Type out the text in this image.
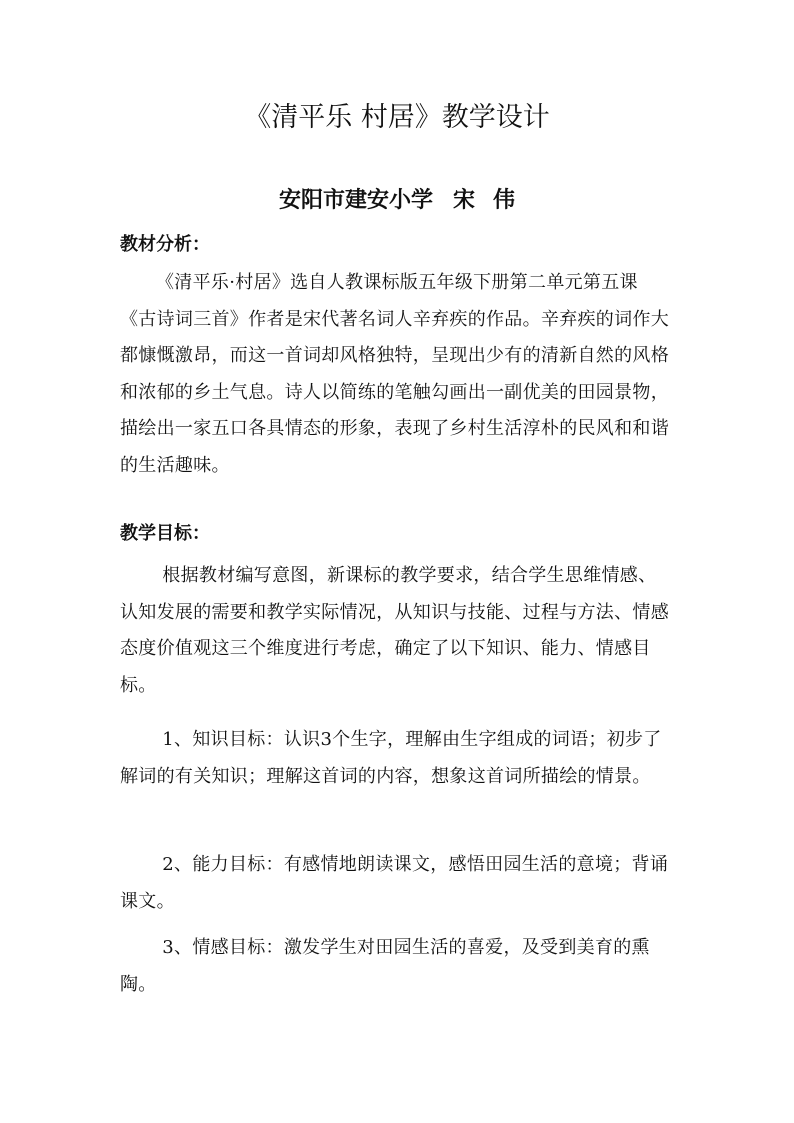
《清平乐 村居》教学设计
安阳市建安小学 宋 伟
教材分析：

《清平乐·村居》选自人教课标版五年级下册第二单元第五课《古诗词三首》作者是宋代著名词人辛弃疾的作品。辛弃疾的词作大都慷慨激昂，而这一首词却风格独特，呈现出少有的清新自然的风格和浓郁的乡土气息。诗人以简练的笔触勾画出一副优美的田园景物，描绘出一家五口各具情态的形象，表现了乡村生活淳朴的民风和和谐的生活趣味。

教学目标：

根据教材编写意图，新课标的教学要求，结合学生思维情感、认知发展的需要和教学实际情况，从知识与技能、过程与方法、情感态度价值观这三个维度进行考虑，确定了以下知识、能力、情感目标。

1、知识目标：认识3个生字，理解由生字组成的词语；初步了解词的有关知识；理解这首词的内容，想象这首词所描绘的情景。

2、能力目标：有感情地朗读课文，感悟田园生活的意境；背诵课文。

3、情感目标：激发学生对田园生活的喜爱，及受到美育的熏陶。
